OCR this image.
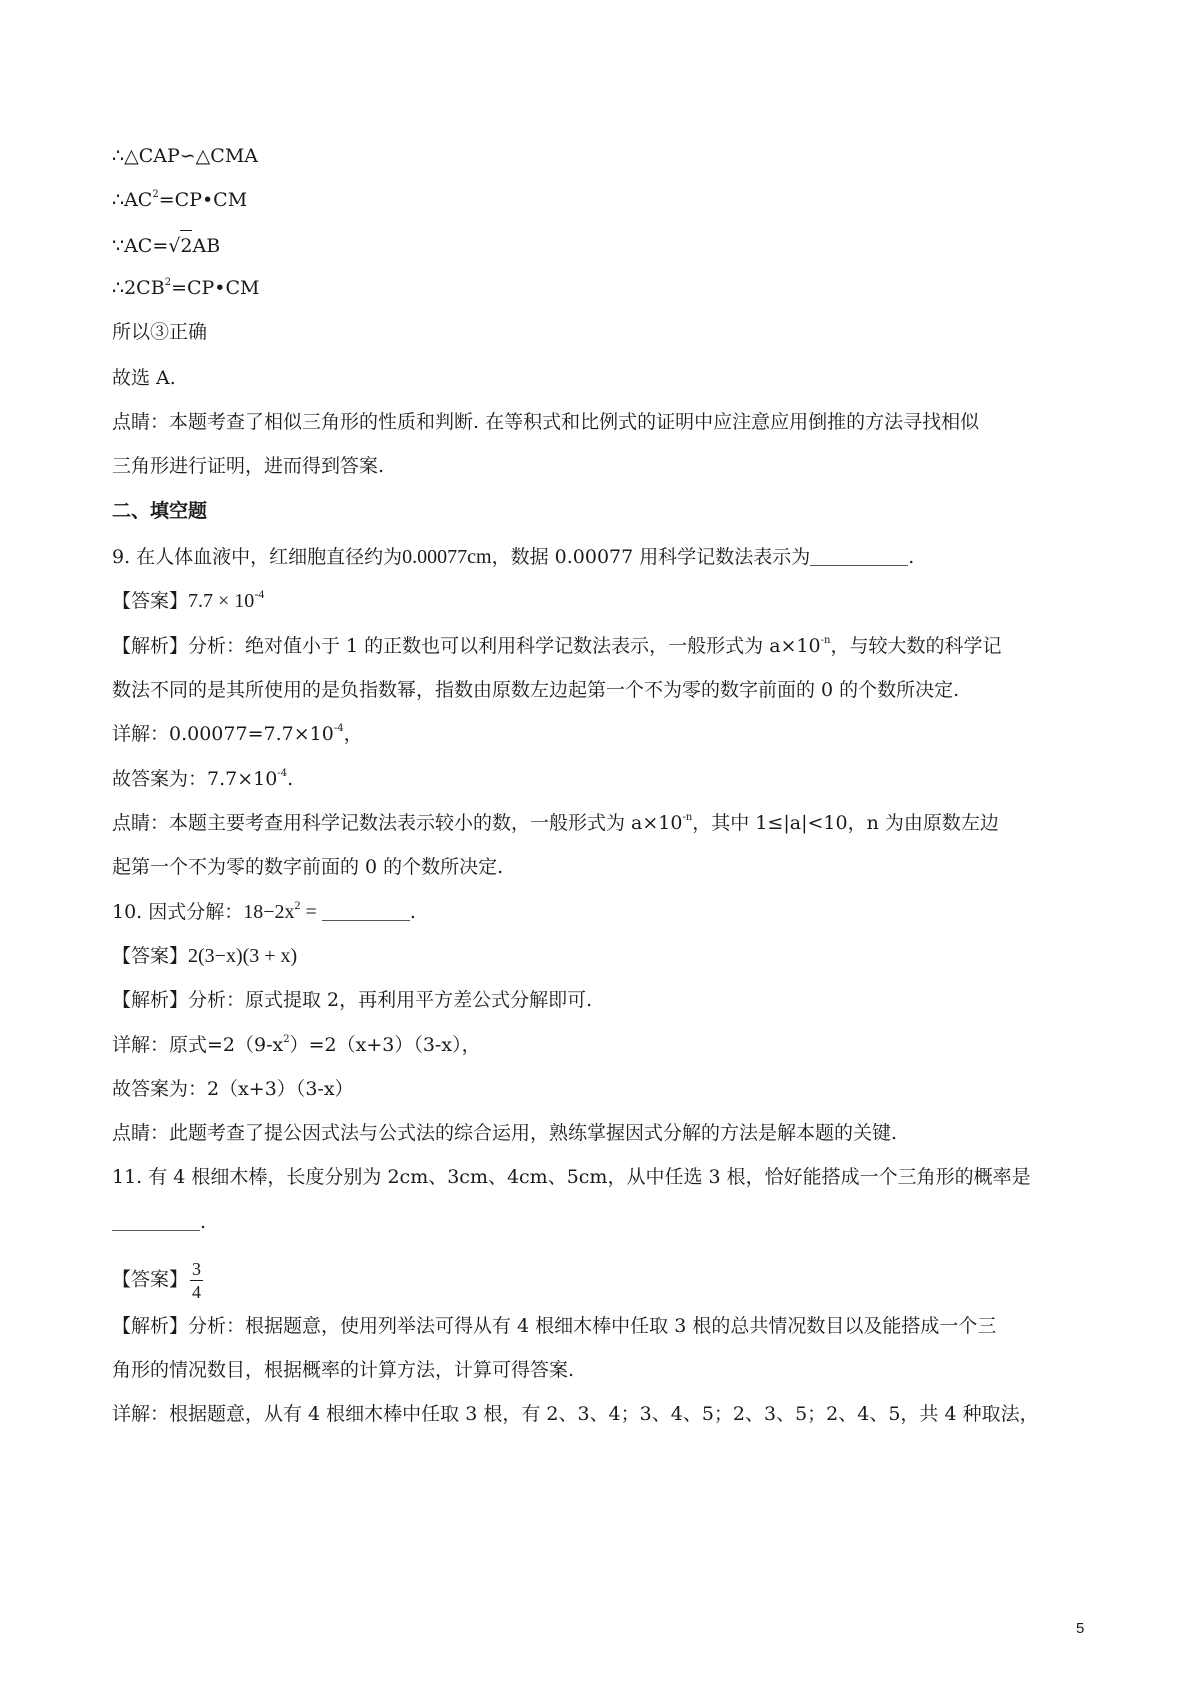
∴△CAP∽△CMA
$\therefore AC^2=CP•CM$
∵AC=√2AB
$\therefore 2CB^2=CP•CM$
所以③正确
故选 A.
点睛：本题考查了相似三角形的性质和判断. 在等积式和比例式的证明中应注意应用倒推的方法寻找相似
三角形进行证明，进而得到答案.
二、填空题
9. 在人体血液中，红细胞直径约为0.00077cm，数据 0.00077 用科学记数法表示为	.
【答案】$7.7 \times 10^{-4}$
【解析】分析：绝对值小于 1 的正数也可以利用科学记数法表示，一般形式为 $a\times 10^{-n}$，与较大数的科学记
数法不同的是其所使用的是负指数幂，指数由原数左边起第一个不为零的数字前面的 0 的个数所决定.
详解：$0.00077=7.7\times 10^{-4}$，
故答案为：$7.7\times 10^{-4}$.
点睛：本题主要考查用科学记数法表示较小的数，一般形式为 $a\times 10^{-n}$，其中 1≤|a|<10，n 为由原数左边
起第一个不为零的数字前面的 0 的个数所决定.
10. 因式分解：$18-2x^2$ =	.
【答案】2(3−x)(3 + x)
【解析】分析：原式提取 2，再利用平方差公式分解即可.
详解：原式$=2(9-x^2)=2(x+3)(3-x)$，
故答案为：2（x+3）（3-x）
点睛：此题考查了提公因式法与公式法的综合运用，熟练掌握因式分解的方法是解本题的关键.
11. 有 4 根细木棒，长度分别为 2cm、3cm、4cm、5cm，从中任选 3 根，恰好能搭成一个三角形的概率是
.
【答案】 $\frac{3}{4}$
【解析】分析：根据题意，使用列举法可得从有 4 根细木棒中任取 3 根的总共情况数目以及能搭成一个三
角形的情况数目，根据概率的计算方法，计算可得答案.
详解：根据题意，从有 4 根细木棒中任取 3 根，有 2、3、4；3、4、5；2、3、5；2、4、5，共 4 种取法，
5
